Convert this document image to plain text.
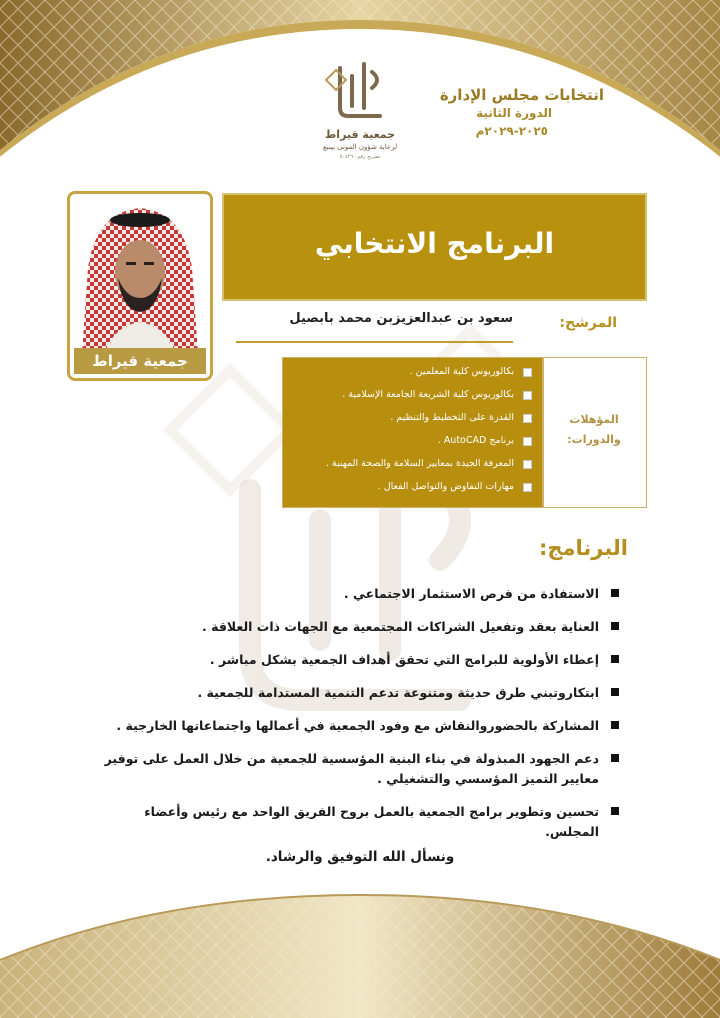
جمعية قيراط
لرعاية شؤون الموتى بينبع
تصريح رقم ٥٠٤٢٦٠
انتخابات مجلس الإدارة
الدورة الثانية
٢٠٢٥-٢٠٢٩م
جمعية قيراط
البرنامج الانتخابي
سعود بن عبدالعزيزبن محمد بابصيل	المرشح:
بكالوريوس كلية المعلمين .
بكالوريوس كلية الشريعة الجامعة الإسلامية .
القدرة على التخطيط والتنظيم .
برنامج AutoCAD .
المعرفة الجيدة بمعايير السلامة والصحة المهنية .
مهارات التفاوض والتواصل الفعال .
المؤهلات
والدورات:
البرنامج:
الاستفادة من فرص الاستثمار الاجتماعي .
العناية بعقد وتفعيل الشراكات المجتمعية مع الجهات ذات العلاقة .
إعطاء الأولوية للبرامج التي تحقق أهداف الجمعية بشكل مباشر .
ابتكاروتبني طرق حديثة ومتنوعة تدعم التنمية المستدامة للجمعية .
المشاركة بالحضوروالنقاش مع وفود الجمعية في أعمالها واجتماعاتها الخارجية .
دعم الجهود المبذولة في بناء البنية المؤسسية للجمعية من خلال العمل على توفير معايير التميز المؤسسي والتشغيلي .
تحسين وتطوير برامج الجمعية بالعمل بروح الفريق الواحد مع رئيس وأعضاء المجلس.
ونسأل الله التوفيق والرشاد.
